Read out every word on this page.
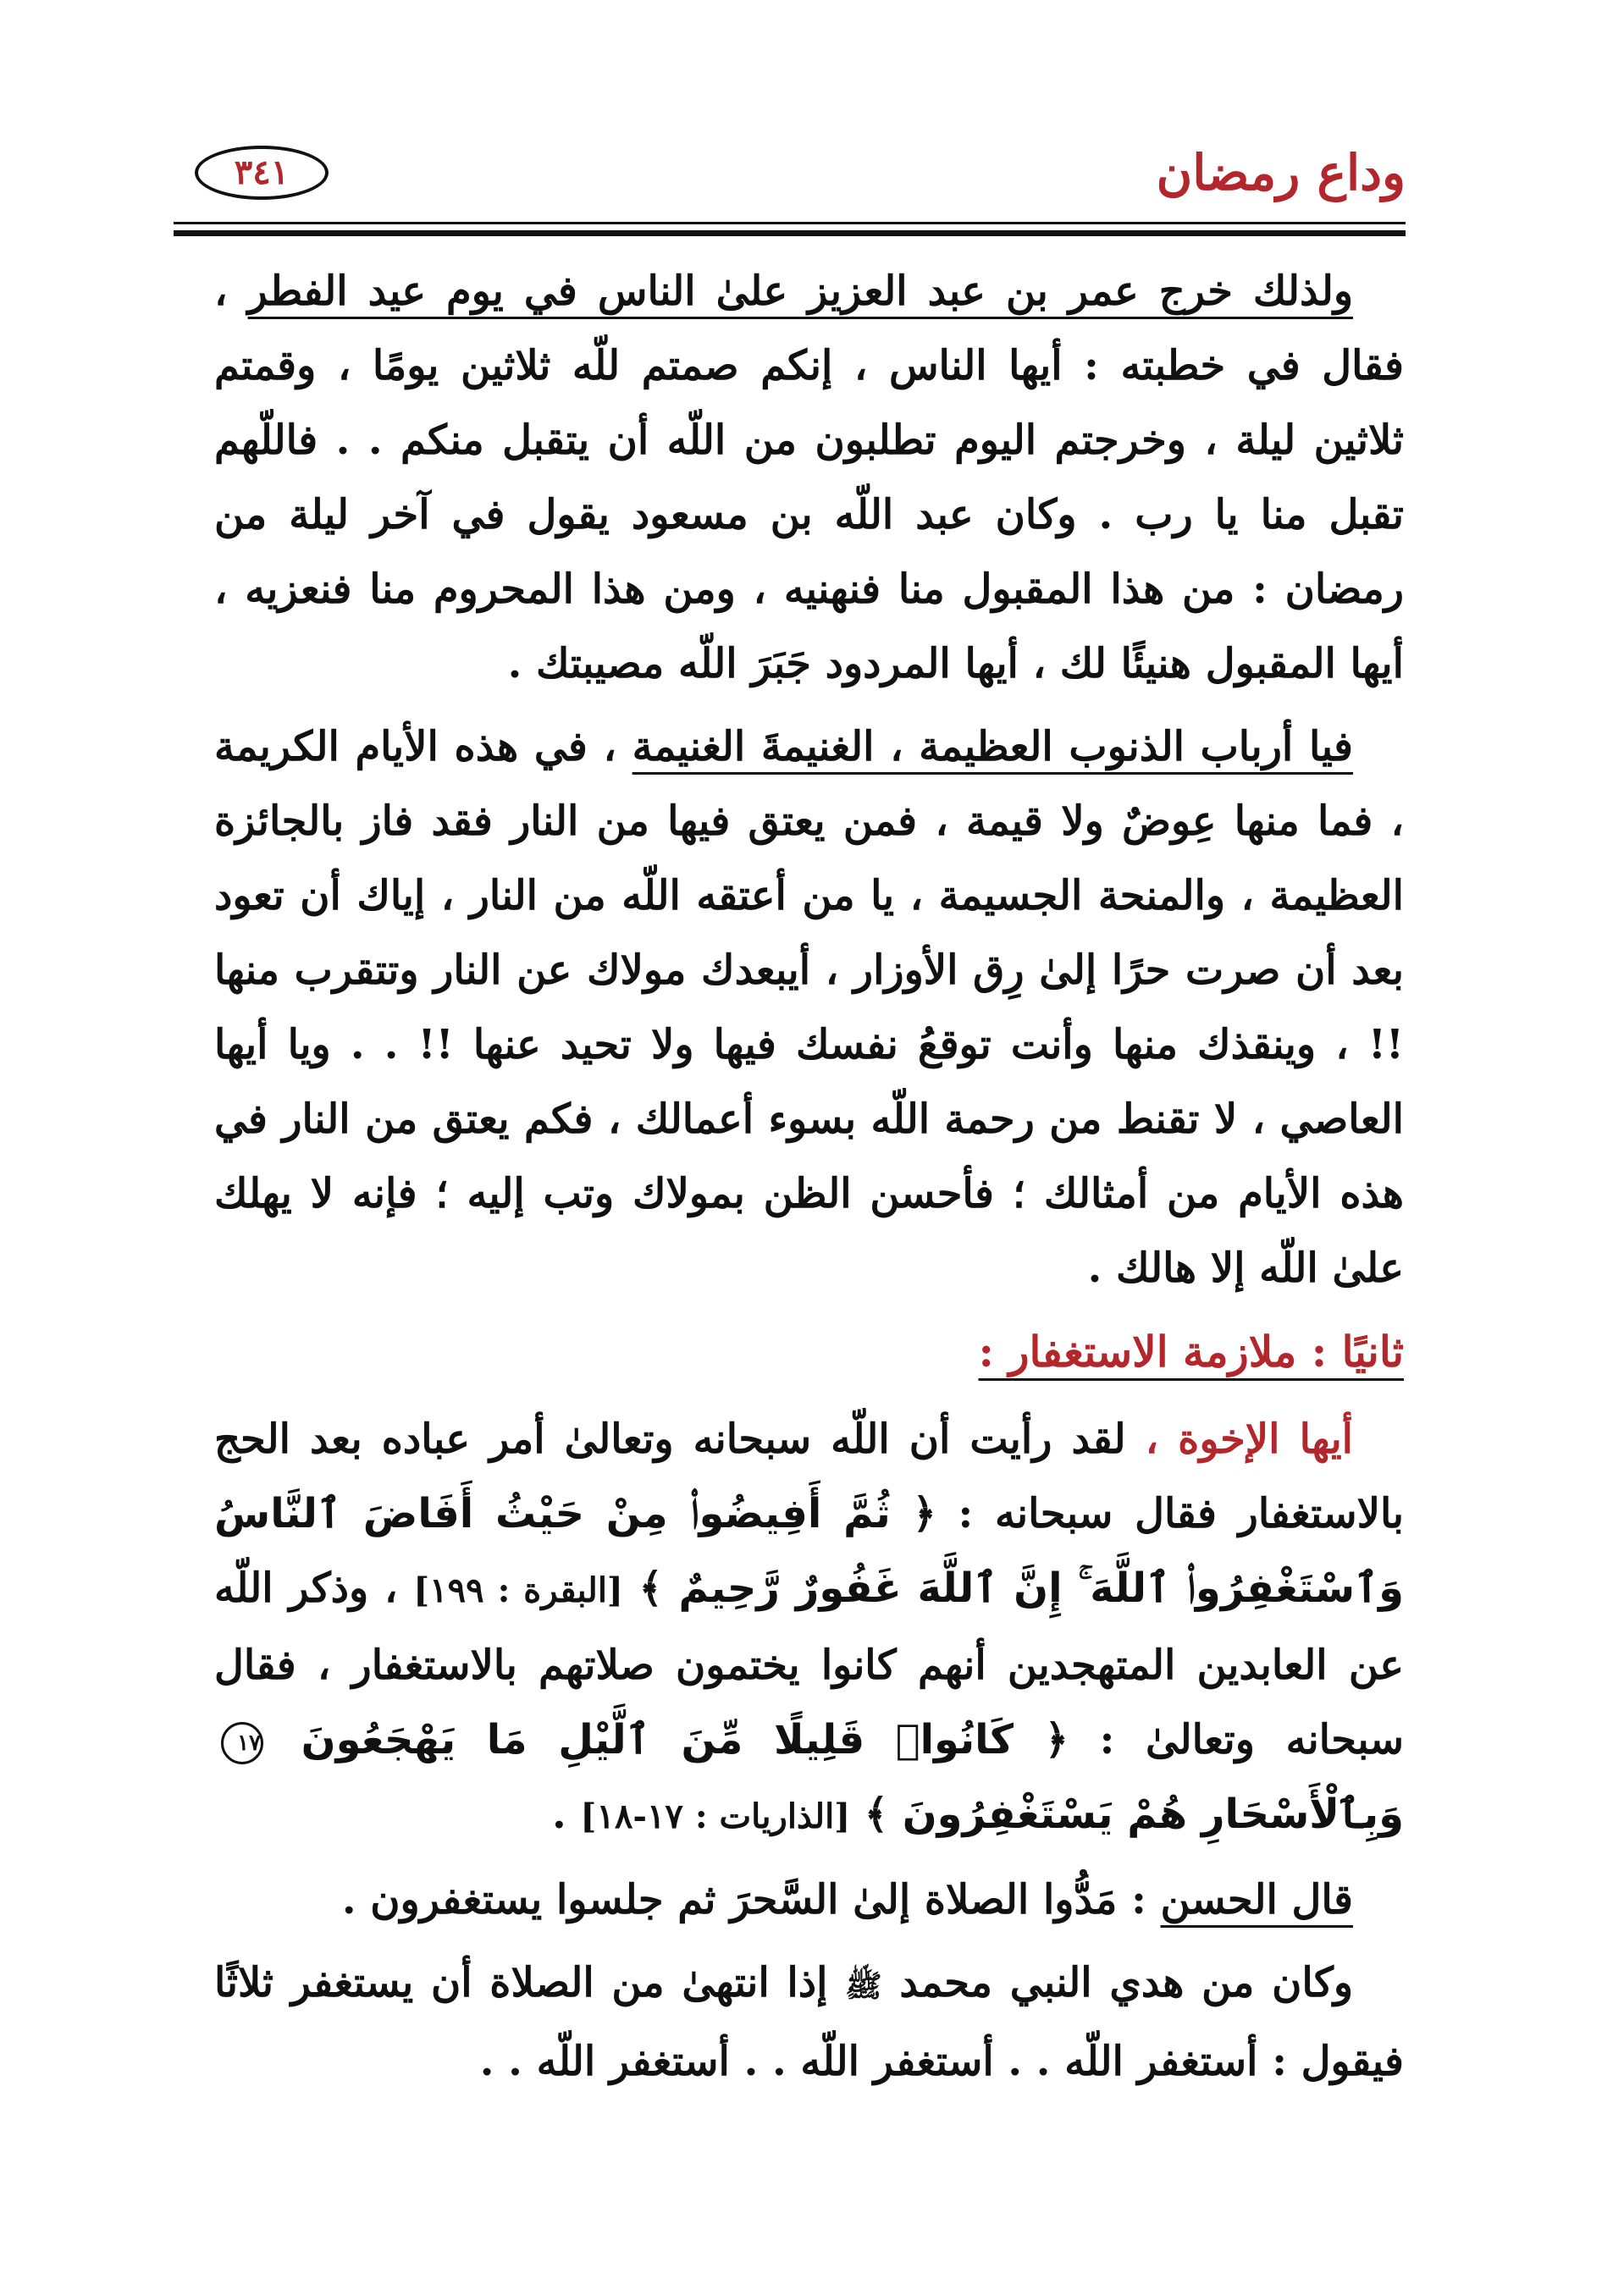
وداع رمضان
٣٤١

ولذلك خرج عمر بن عبد العزيز علىٰ الناس في يوم عيد الفطر ، فقال في خطبته : أيها الناس ، إنكم صمتم للّه ثلاثين يومًا ، وقمتم ثلاثين ليلة ، وخرجتم اليوم تطلبون من اللّه أن يتقبل منكم . . فاللّهم تقبل منا يا رب . وكان عبد اللّه بن مسعود يقول في آخر ليلة من رمضان : من هذا المقبول منا فنهنيه ، ومن هذا المحروم منا فنعزيه ، أيها المقبول هنيئًا لك ، أيها المردود جَبَرَ اللّه مصيبتك .

فيا أرباب الذنوب العظيمة ، الغنيمةَ الغنيمة ، في هذه الأيام الكريمة ، فما منها عِوضٌ ولا قيمة ، فمن يعتق فيها من النار فقد فاز بالجائزة العظيمة ، والمنحة الجسيمة ، يا من أعتقه اللّه من النار ، إياك أن تعود بعد أن صرت حرًا إلىٰ رِق الأوزار ، أيبعدك مولاك عن النار وتتقرب منها !! ، وينقذك منها وأنت توقعُ نفسك فيها ولا تحيد عنها !! . . ويا أيها العاصي ، لا تقنط من رحمة اللّه بسوء أعمالك ، فكم يعتق من النار في هذه الأيام من أمثالك ؛ فأحسن الظن بمولاك وتب إليه ؛ فإنه لا يهلك علىٰ اللّه إلا هالك .

ثانيًا : ملازمة الاستغفار :

أيها الإخوة ، لقد رأيت أن اللّه سبحانه وتعالىٰ أمر عباده بعد الحج بالاستغفار فقال سبحانه : ﴿ ثُمَّ أَفِيضُوا۟ مِنْ حَيْثُ أَفَاضَ ٱلنَّاسُ وَٱسْتَغْفِرُوا۟ ٱللَّهَ ۚ إِنَّ ٱللَّهَ غَفُورٌ رَّحِيمٌ ﴾ [البقرة : ١٩٩] ، وذكر اللّه عن العابدين المتهجدين أنهم كانوا يختمون صلاتهم بالاستغفار ، فقال سبحانه وتعالىٰ : ﴿ كَانُوا۟ قَلِيلًا مِّنَ ٱلَّيْلِ مَا يَهْجَعُونَ ١٧ وَبِٱلْأَسْحَارِ هُمْ يَسْتَغْفِرُونَ ﴾ [الذاريات : ١٧-١٨] .

قال الحسن : مَدُّوا الصلاة إلىٰ السَّحرَ ثم جلسوا يستغفرون .

وكان من هدي النبي محمد ﷺ إذا انتهىٰ من الصلاة أن يستغفر ثلاثًا فيقول : أستغفر اللّه . . أستغفر اللّه . . أستغفر اللّه . .
